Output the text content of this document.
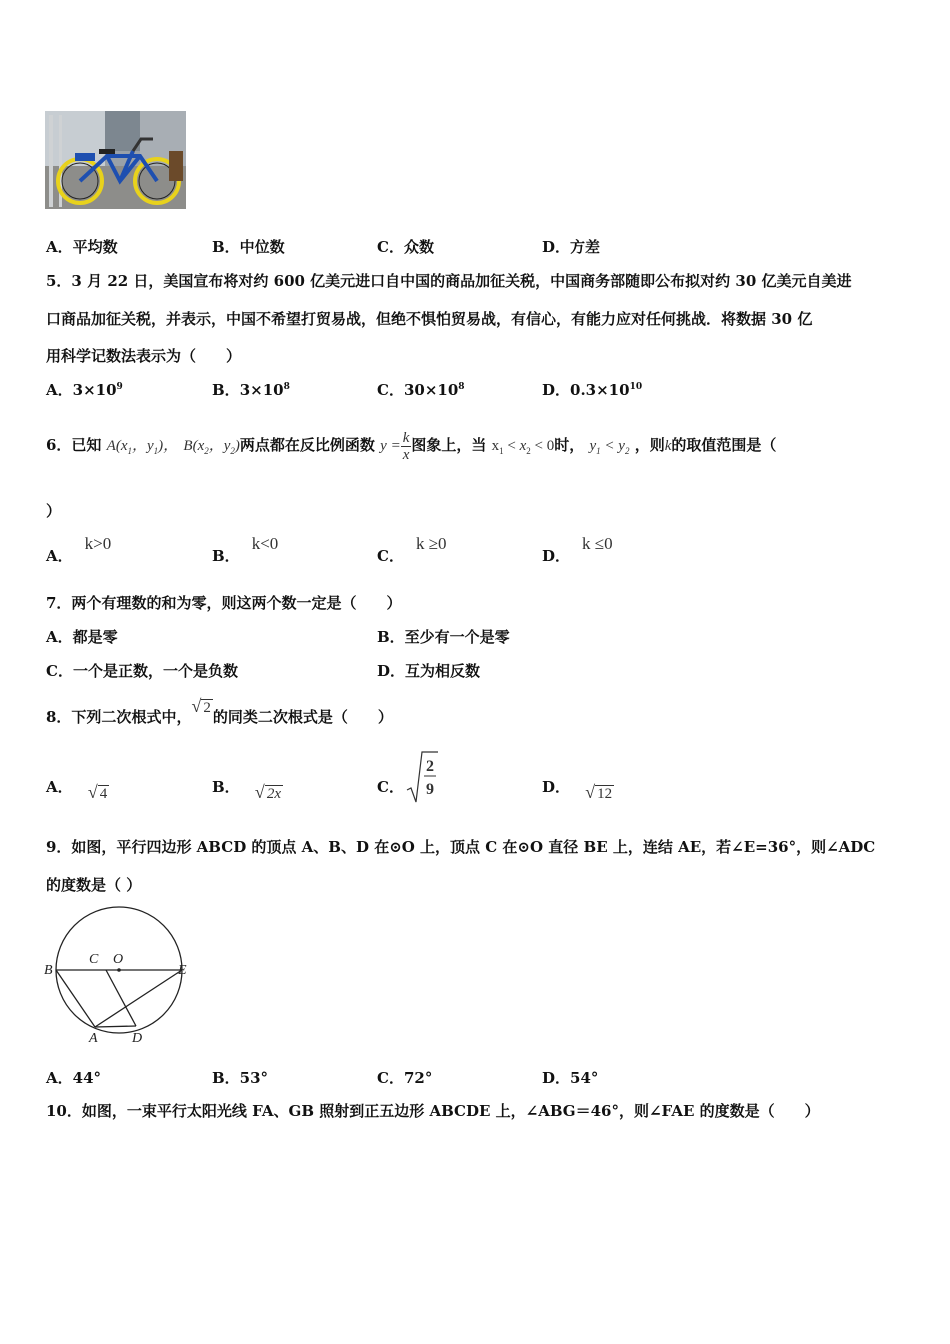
A．平均数	B．中位数	C．众数	D．方差
5．3 月 22 日，美国宣布将对约 600 亿美元进口自中国的商品加征关税，中国商务部随即公布拟对约 30 亿美元自美进
口商品加征关税，并表示，中国不希望打贸易战，但绝不惧怕贸易战，有信心，有能力应对任何挑战．将数据 30 亿
用科学记数法表示为（　　）
A．$3\times 10^9$	B．$3\times 10^8$	C．$30\times 10^8$	D．$0.3\times 10^{10}$
6．已知 $A(x_1$，$y_1$)， $B(x_2$，$y_2$)两点都在反比例函数 $y = \frac{k}{x}$ 图象上，当 $x_1 < x_2 < 0$时， $y_1 < y_2$ ，则k的取值范围是（
）
A．k>0
B．k<0
C．k ≥0
D．k ≤0
7．两个有理数的和为零，则这两个数一定是（　　）
A．都是零	B．至少有一个是零
C．一个是正数，一个是负数	D．互为相反数
8．下列二次根式中，√ 2 的同类二次根式是（　　）
A． √ 4	B． √ 2x	C．
2
9	D． √ 12
9．如图，平行四边形 ABCD 的顶点 A、B、D 在⊙O 上，顶点 C 在⊙O 直径 BE 上，连结 AE，若∠E=36°，则∠ADC
的度数是（ ）
B
C O
E
A D
A．44°	B．53°	C．72°	D．54°
10．如图，一束平行太阳光线 FA、GB 照射到正五边形 ABCDE 上，∠ABG＝46°，则∠FAE 的度数是（　　）
